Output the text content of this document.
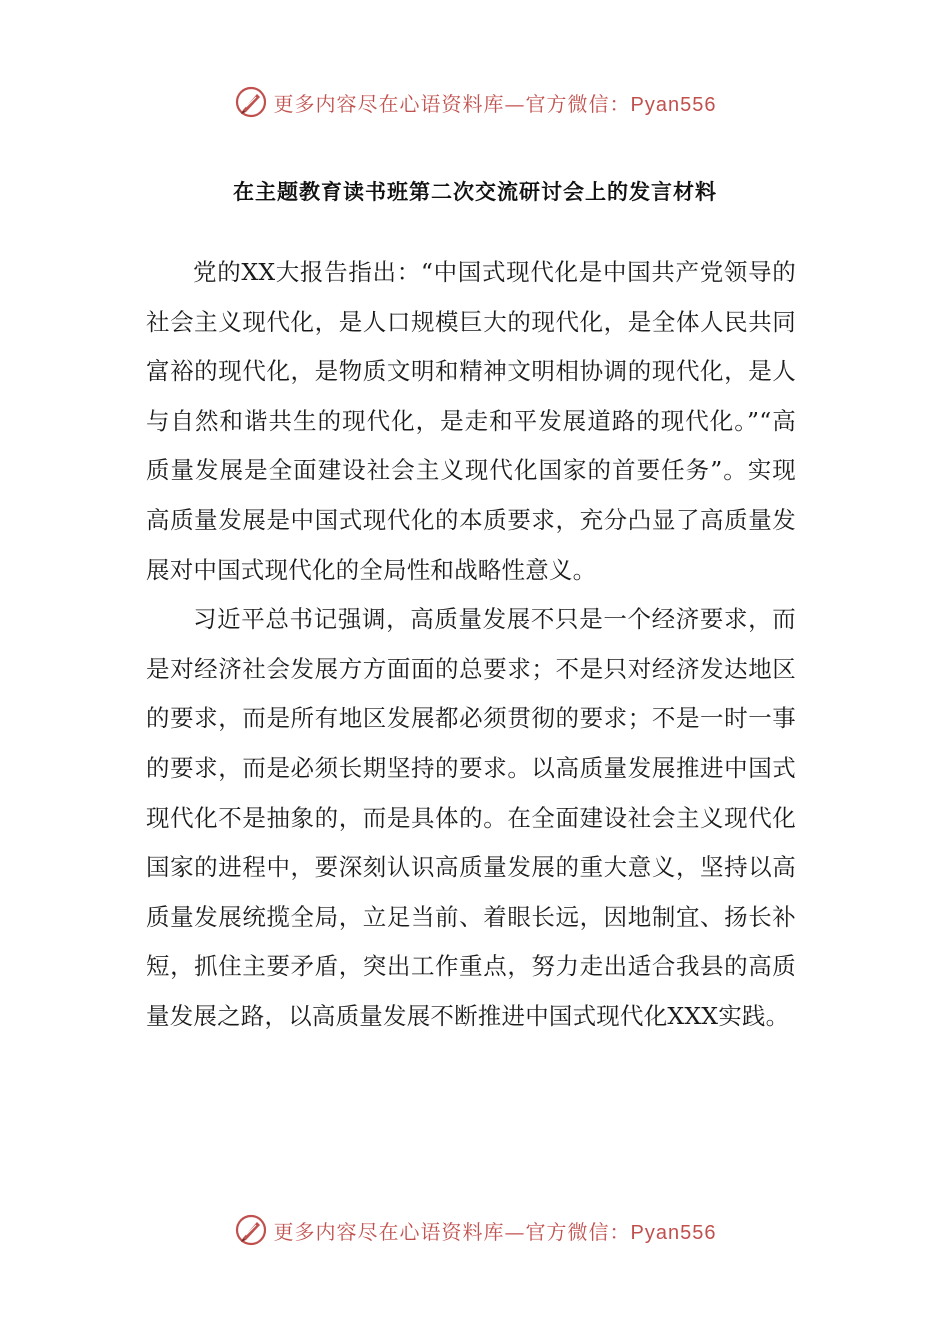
更多内容尽在心语资料库—官方微信：Pyan556
在主题教育读书班第二次交流研讨会上的发言材料

党的XX大报告指出：“中国式现代化是中国共产党领导的社会主义现代化，是人口规模巨大的现代化，是全体人民共同富裕的现代化，是物质文明和精神文明相协调的现代化，是人与自然和谐共生的现代化，是走和平发展道路的现代化。”“高质量发展是全面建设社会主义现代化国家的首要任务”。实现高质量发展是中国式现代化的本质要求，充分凸显了高质量发展对中国式现代化的全局性和战略性意义。

习近平总书记强调，高质量发展不只是一个经济要求，而是对经济社会发展方方面面的总要求；不是只对经济发达地区的要求，而是所有地区发展都必须贯彻的要求；不是一时一事的要求，而是必须长期坚持的要求。以高质量发展推进中国式现代化不是抽象的，而是具体的。在全面建设社会主义现代化国家的进程中，要深刻认识高质量发展的重大意义，坚持以高质量发展统揽全局，立足当前、着眼长远，因地制宜、扬长补短，抓住主要矛盾，突出工作重点，努力走出适合我县的高质量发展之路，以高质量发展不断推进中国式现代化XXX实践。

更多内容尽在心语资料库—官方微信：Pyan556
